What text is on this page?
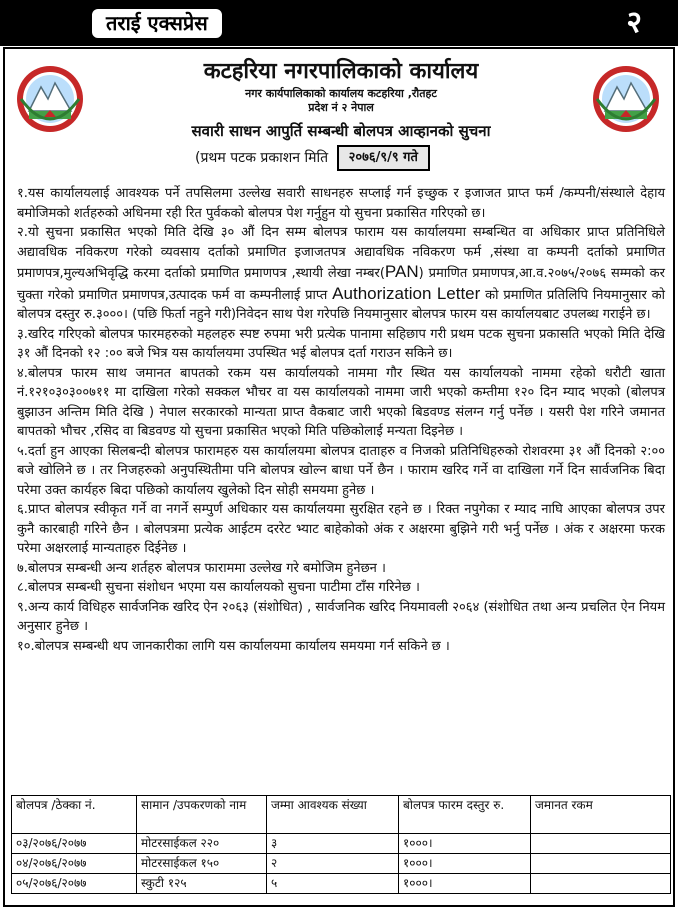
तराई एक्सप्रेस	२
कटहरिया नगरपालिकाको कार्यालय
नगर कार्यपालिकाको कार्यालय कटहरिया ,रौतहट
प्रदेश नं २ नेपाल
सवारी साधन आपुर्ति सम्बन्धी बोलपत्र आव्हानको सुचना
(प्रथम पटक प्रकाशन मिति २०७६/९/९ गते

१.यस कार्यालयलाई आवश्यक पर्ने तपसिलमा उल्लेख सवारी साधनहरु सप्लाई गर्न इच्छुक र इजाजत प्राप्त फर्म /कम्पनी/संस्थाले देहाय बमोजिमको शर्तहरुको अधिनमा रही रित पुर्वकको बोलपत्र पेश गर्नुहुन यो सुचना प्रकासित गरिएको छ।

२.यो सुचना प्रकासित भएको मिति देखि ३० औं दिन सम्म बोलपत्र फाराम यस कार्यालयमा सम्बन्धित वा अधिकार प्राप्त प्रतिनिधिले अद्यावधिक नविकरण गरेको व्यवसाय दर्ताको प्रमाणित इजाजतपत्र अद्यावधिक नविकरण फर्म ,संस्था वा कम्पनी दर्ताको प्रमाणित प्रमाणपत्र,मुल्यअभिवृद्धि करमा दर्ताको प्रमाणित प्रमाणपत्र ,स्थायी लेखा नम्बर(PAN) प्रमाणित प्रमाणपत्र,आ.व.२०७५/२०७६ सम्मको कर चुक्ता गरेको प्रमाणित प्रमाणपत्र,उत्पादक फर्म वा कम्पनीलाई प्राप्त Authorization Letter को प्रमाणित प्रतिलिपि नियमानुसार को बोलपत्र दस्तुर रु.३०००। (पछि फिर्ता नहुने गरी)निवेदन साथ पेश गरेपछि नियमानुसार बोलपत्र फारम यस कार्यालयबाट उपलब्ध गराईने छ।

३.खरिद गरिएको बोलपत्र फारमहरुको महलहरु स्पष्ट रुपमा भरी प्रत्येक पानामा सहिछाप गरी प्रथम पटक सुचना प्रकासति भएको मिति देखि ३१ औं दिनको १२ :०० बजे भित्र यस कार्यालयमा उपस्थित भई बोलपत्र दर्ता गराउन सकिने छ।

४.बोलपत्र फारम साथ जमानत बापतको रकम यस कार्यालयको नाममा गौर स्थित यस कार्यालयको नाममा रहेको धरौटी खाता नं.१२१०३०३००७११ मा दाखिला गरेको सक्कल भौचर वा यस कार्यालयको नाममा जारी भएको कम्तीमा १२० दिन म्याद भएको (बोलपत्र बुझाउन अन्तिम मिति देखि ) नेपाल सरकारको मान्यता प्राप्त वैकबाट जारी भएको बिडवण्ड संलग्न गर्नु पर्नेछ । यसरी पेश गरिने जमानत बापतको भौचर ,रसिद वा बिडवण्ड यो सुचना प्रकासित भएको मिति पछिकोलाई मन्यता दिइनेछ ।

५.दर्ता हुन आएका सिलबन्दी बोलपत्र फारामहरु यस कार्यालयमा बोलपत्र दाताहरु व निजको प्रतिनिधिहरुको रोशवरमा ३१ औं दिनको २:०० बजे खोलिने छ । तर निजहरुको अनुपस्थितीमा पनि बोलपत्र खोल्न बाधा पर्ने छैन । फाराम खरिद गर्ने वा दाखिला गर्ने दिन सार्वजनिक बिदा परेमा उक्त कार्यहरु बिदा पछिको कार्यालय खुलेको दिन सोही समयमा हुनेछ ।

६.प्राप्त बोलपत्र स्वीकृत गर्ने वा नगर्ने सम्पुर्ण अधिकार यस कार्यालयमा सुरक्षित रहने छ । रिक्त नपुगेका र म्याद नाघि आएका बोलपत्र उपर कुनै कारबाही गरिने छैन । बोलपत्रमा प्रत्येक आईटम दररेट भ्याट बाहेकोको अंक र अक्षरमा बुझिने गरी भर्नु पर्नेछ । अंक र अक्षरमा फरक परेमा अक्षरलाई मान्यताहरु दिईनेछ ।

७.बोलपत्र सम्बन्धी अन्य शर्तहरु बोलपत्र फाराममा उल्लेख गरे बमोजिम हुनेछन ।

८.बोलपत्र सम्बन्धी सुचना संशोधन भएमा यस कार्यालयको सुचना पाटीमा टाँस गरिनेछ ।

९.अन्य कार्य विधिहरु सार्वजनिक खरिद ऐन २०६३ (संशोधित) , सार्वजनिक खरिद नियमावली २०६४ (संशोधित तथा अन्य प्रचलित ऐन नियम अनुसार हुनेछ ।

१०.बोलपत्र सम्बन्धी थप जानकारीका लागि यस कार्यालयमा कार्यालय समयमा गर्न सकिने छ ।

बोलपत्र /ठेक्का नं.	सामान /उपकरणको नाम	जम्मा आवश्यक संख्या	बोलपत्र फारम दस्तुर रु.	जमानत रकम
०३/२०७६/२०७७	मोटरसाईकल २२०	३	१०००।	
०४/२०७६/२०७७	मोटरसाईकल १५०	२	१०००।	
०५/२०७६/२०७७	स्कुटी १२५	५	१०००।	
